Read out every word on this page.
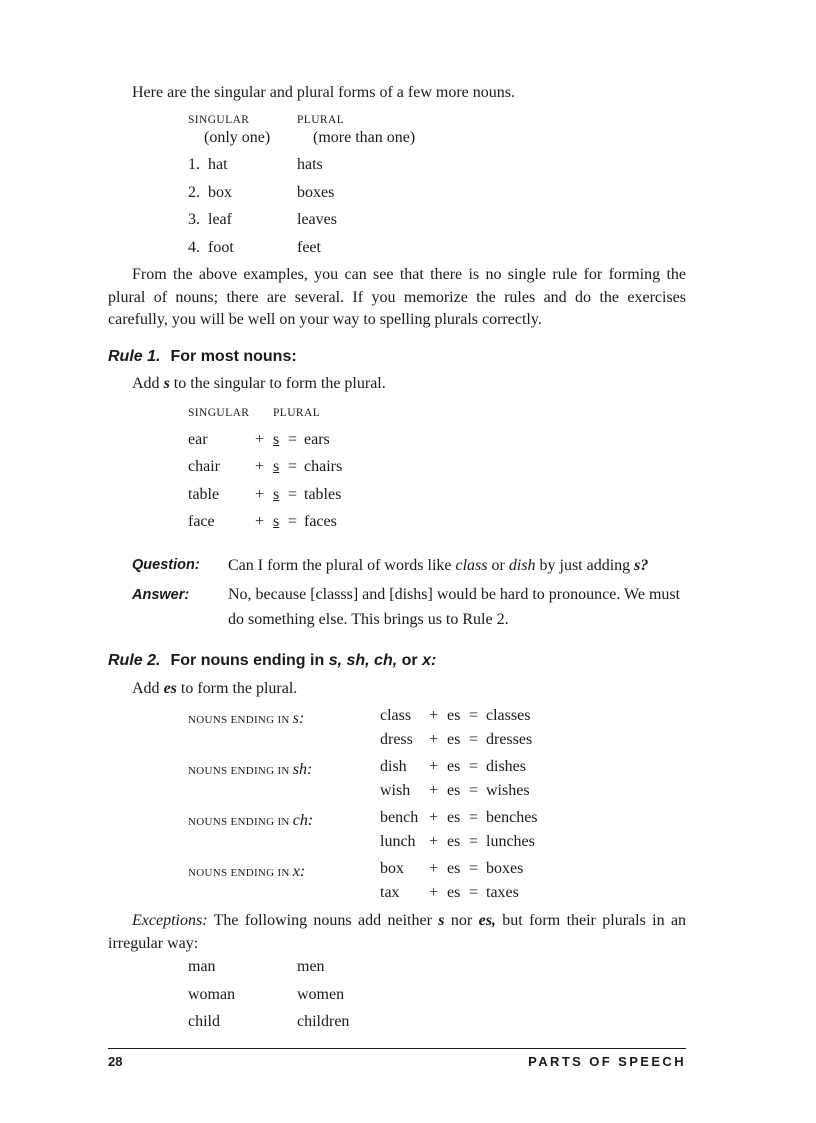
Here are the singular and plural forms of a few more nouns.
SINGULAR	PLURAL
(only one)	(more than one)
1. hat	hats
2. box	boxes
3. leaf	leaves
4. foot	feet
From the above examples, you can see that there is no single rule for forming the plural of nouns; there are several. If you memorize the rules and do the exercises carefully, you will be well on your way to spelling plurals correctly.
Rule 1. For most nouns:
Add s to the singular to form the plural.
SINGULAR PLURAL
ear	+ s = ears
chair + s = chairs
table + s = tables
face	+ s = faces
Question: Can I form the plural of words like class or dish by just adding s?
Answer: No, because [classs] and [dishs] would be hard to pronounce. We must do something else. This brings us to Rule 2.
Rule 2. For nouns ending in s, sh, ch, or x:
Add es to form the plural.
NOUNS ENDING IN s:	class + es = classes
dress + es = dresses
NOUNS ENDING IN sh:	dish + es = dishes
wish + es = wishes
NOUNS ENDING IN ch:	bench + es = benches
lunch + es = lunches
NOUNS ENDING IN x:	box + es = boxes
tax + es = taxes
Exceptions: The following nouns add neither s nor es, but form their plurals in an irregular way:
man	men
woman	women
child	children
28	PARTS OF SPEECH
